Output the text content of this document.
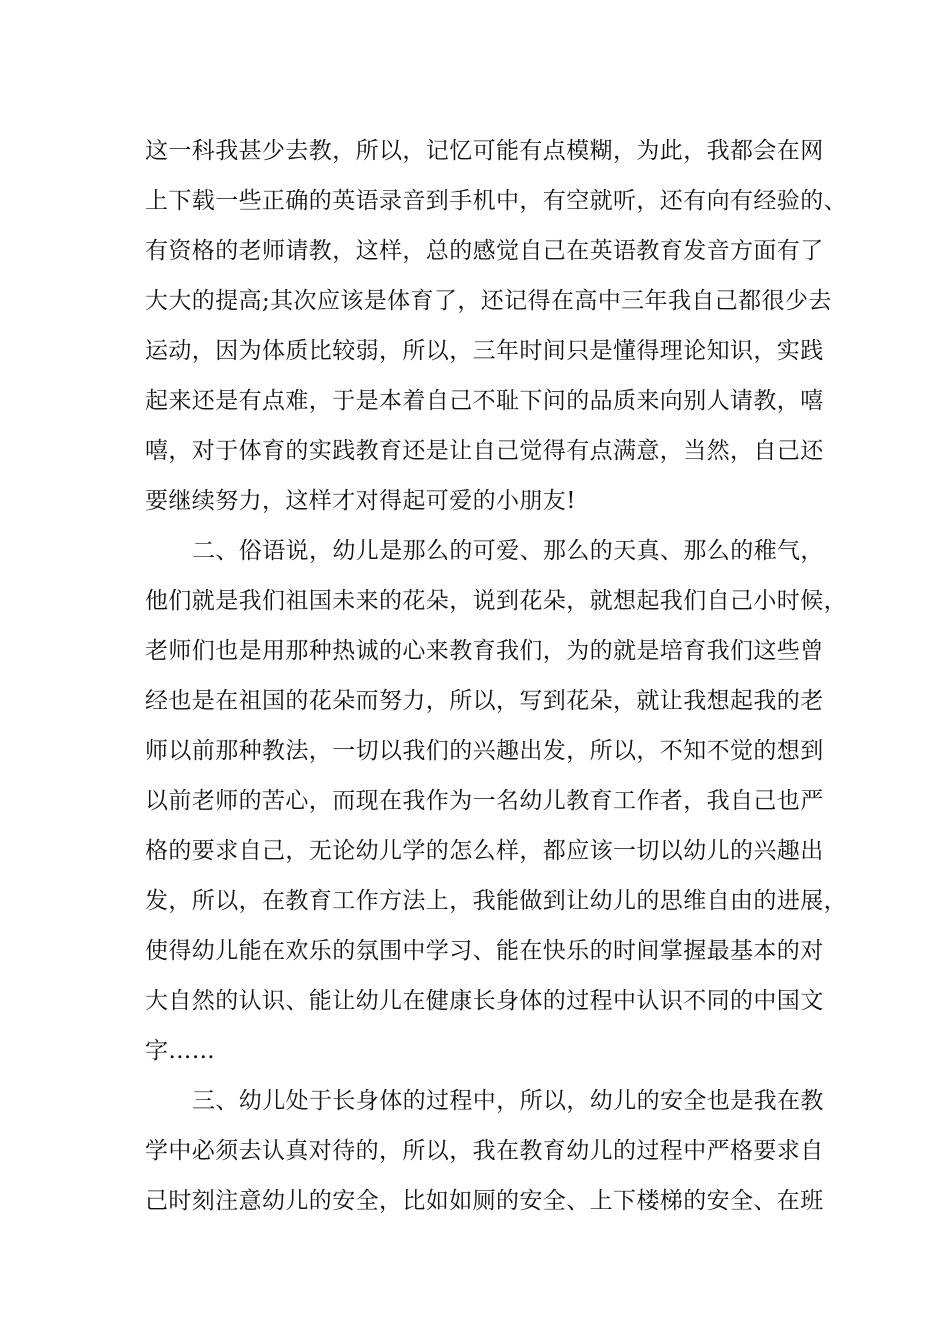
这一科我甚少去教，所以，记忆可能有点模糊，为此，我都会在网
上下载一些正确的英语录音到手机中，有空就听，还有向有经验的、
有资格的老师请教，这样，总的感觉自己在英语教育发音方面有了
大大的提高;其次应该是体育了，还记得在高中三年我自己都很少去
运动，因为体质比较弱，所以，三年时间只是懂得理论知识，实践
起来还是有点难，于是本着自己不耻下问的品质来向别人请教，嘻
嘻，对于体育的实践教育还是让自己觉得有点满意，当然，自己还
要继续努力，这样才对得起可爱的小朋友!
二、俗语说，幼儿是那么的可爱、那么的天真、那么的稚气，
他们就是我们祖国未来的花朵，说到花朵，就想起我们自己小时候，
老师们也是用那种热诚的心来教育我们，为的就是培育我们这些曾
经也是在祖国的花朵而努力，所以，写到花朵，就让我想起我的老
师以前那种教法，一切以我们的兴趣出发，所以，不知不觉的想到
以前老师的苦心，而现在我作为一名幼儿教育工作者，我自己也严
格的要求自己，无论幼儿学的怎么样，都应该一切以幼儿的兴趣出
发，所以，在教育工作方法上，我能做到让幼儿的思维自由的进展，
使得幼儿能在欢乐的氛围中学习、能在快乐的时间掌握最基本的对
大自然的认识、能让幼儿在健康长身体的过程中认识不同的中国文
字……
三、幼儿处于长身体的过程中，所以，幼儿的安全也是我在教
学中必须去认真对待的，所以，我在教育幼儿的过程中严格要求自
己时刻注意幼儿的安全，比如如厕的安全、上下楼梯的安全、在班
